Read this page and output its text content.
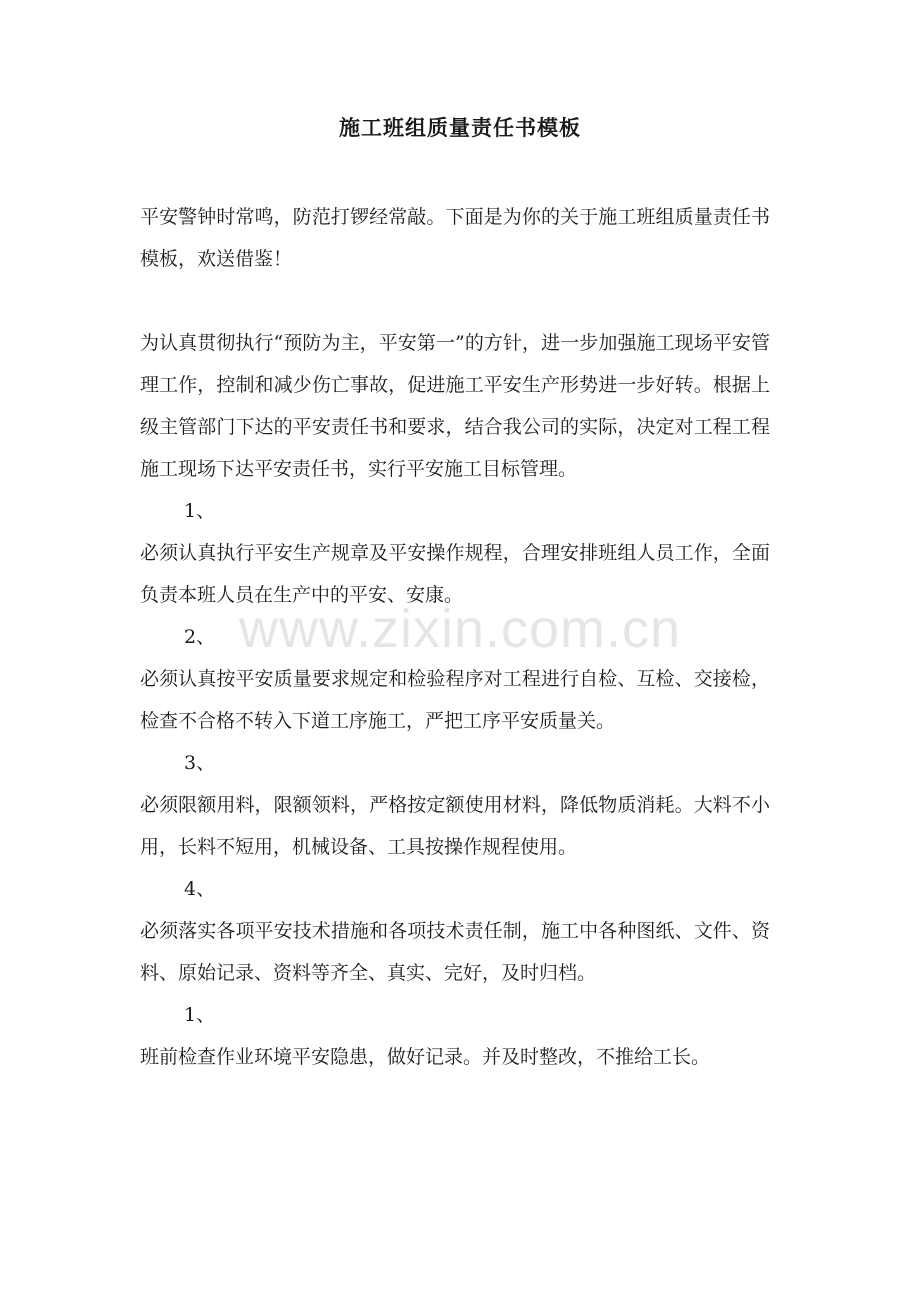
施工班组质量责任书模板

平安警钟时常鸣，防范打锣经常敲。下面是为你的关于施工班组质量责任书模板，欢送借鉴！

为认真贯彻执行“预防为主，平安第一”的方针，进一步加强施工现场平安管理工作，控制和减少伤亡事故，促进施工平安生产形势进一步好转。根据上级主管部门下达的平安责任书和要求，结合我公司的实际，决定对工程工程施工现场下达平安责任书，实行平安施工目标管理。

1、

必须认真执行平安生产规章及平安操作规程，合理安排班组人员工作，全面负责本班人员在生产中的平安、安康。

2、

必须认真按平安质量要求规定和检验程序对工程进行自检、互检、交接检，检查不合格不转入下道工序施工，严把工序平安质量关。

3、

必须限额用料，限额领料，严格按定额使用材料，降低物质消耗。大料不小用，长料不短用，机械设备、工具按操作规程使用。

4、

必须落实各项平安技术措施和各项技术责任制，施工中各种图纸、文件、资料、原始记录、资料等齐全、真实、完好，及时归档。

1、

班前检查作业环境平安隐患，做好记录。并及时整改，不推给工长。

www.zixin.com.cn
